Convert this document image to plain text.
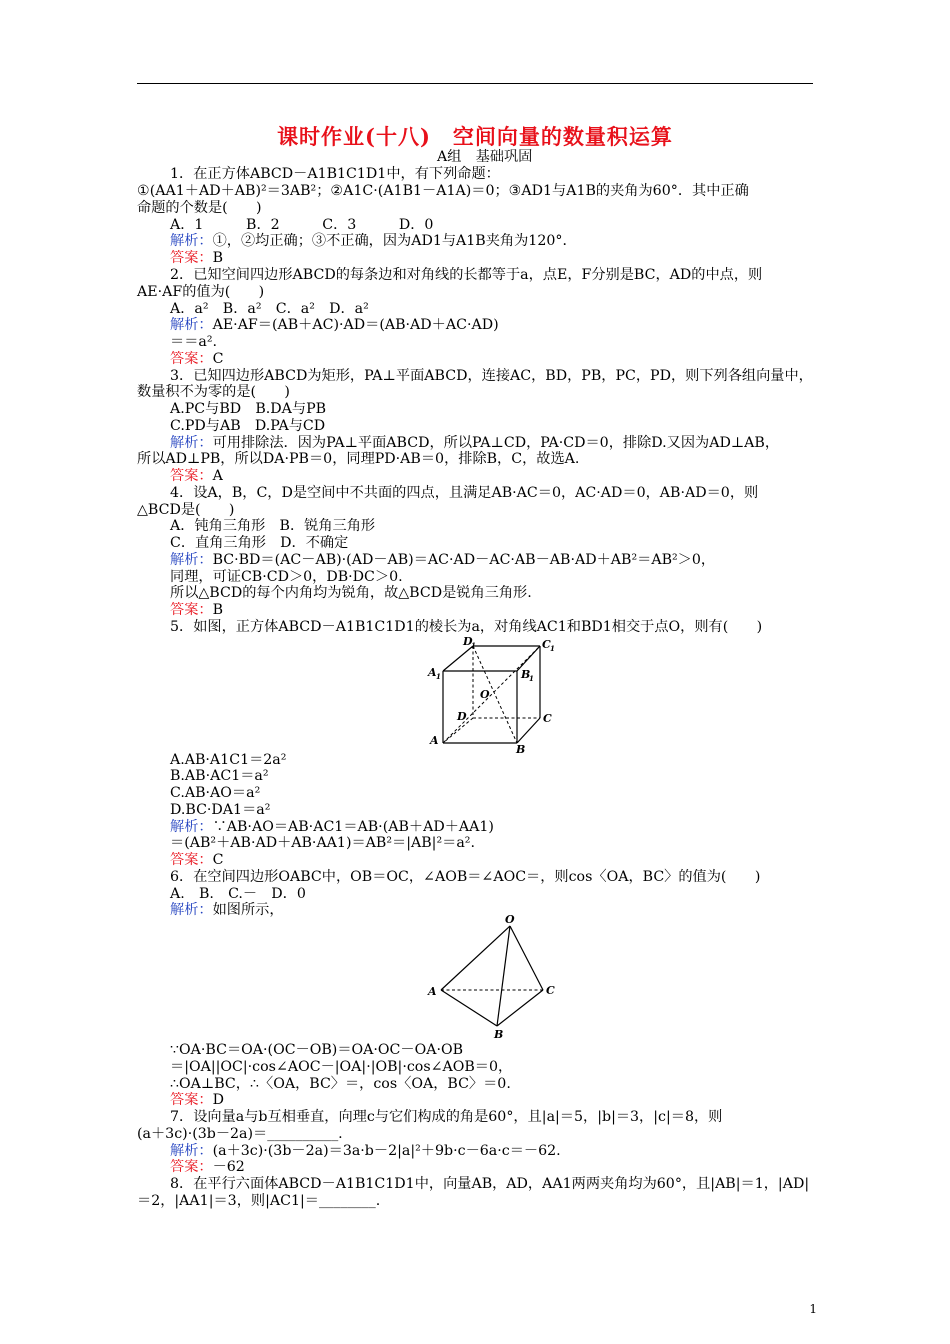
课时作业(十八)　空间向量的数量积运算
A组　基础巩固
1．在正方体ABCD－A1B1C1D1中，有下列命题：
①(AA1＋AD＋AB)²＝3AB²；②A1C·(A1B1－A1A)＝0；③AD1与A1B的夹角为60°．其中正确
命题的个数是(　　)
A．1　　　B．2　　　C．3　　　D．0
解析：①，②均正确；③不正确，因为AD1与A1B夹角为120°．
答案：B
2．已知空间四边形ABCD的每条边和对角线的长都等于a，点E，F分别是BC，AD的中点，则
AE·AF的值为(　　)
A．a²　B．a²　C．a²　D．a²
解析：AE·AF＝(AB＋AC)·AD＝(AB·AD＋AC·AD)
＝＝a².
答案：C
3．已知四边形ABCD为矩形，PA⊥平面ABCD，连接AC，BD，PB，PC，PD，则下列各组向量中，
数量积不为零的是(　　)
A.PC与BD　B.DA与PB
C.PD与AB　D.PA与CD
解析：可用排除法．因为PA⊥平面ABCD，所以PA⊥CD，PA·CD＝0，排除D.又因为AD⊥AB，
所以AD⊥PB，所以DA·PB＝0，同理PD·AB＝0，排除B，C，故选A.
答案：A
4．设A，B，C，D是空间中不共面的四点，且满足AB·AC＝0，AC·AD＝0，AB·AD＝0，则
△BCD是(　　)
A．钝角三角形　B．锐角三角形
C．直角三角形　D．不确定
解析：BC·BD＝(AC－AB)·(AD－AB)＝AC·AD－AC·AB－AB·AD＋AB²＝AB²＞0，
同理，可证CB·CD＞0，DB·DC＞0.
所以△BCD的每个内角均为锐角，故△BCD是锐角三角形.
答案：B
5．如图，正方体ABCD－A1B1C1D1的棱长为a，对角线AC1和BD1相交于点O，则有(　　)
A.AB·A1C1＝2a²
B.AB·AC1＝a²
C.AB·AO＝a²
D.BC·DA1＝a²
解析：∵AB·AO＝AB·AC1＝AB·(AB＋AD＋AA1)
＝(AB²＋AB·AD＋AB·AA1)＝AB²＝|AB|²＝a².
答案：C
6．在空间四边形OABC中，OB＝OC，∠AOB＝∠AOC＝，则cos〈OA，BC〉的值为(　　)
A.　B.　C.－　D．0
解析：如图所示，
∵OA·BC＝OA·(OC－OB)＝OA·OC－OA·OB
＝|OA||OC|·cos∠AOC－|OA|·|OB|·cos∠AOB＝0，
∴OA⊥BC，∴〈OA，BC〉＝，cos〈OA，BC〉＝0.
答案：D
7．设向量a与b互相垂直，向理c与它们构成的角是60°，且|a|＝5，|b|＝3，|c|＝8，则
(a＋3c)·(3b－2a)＝__________.
解析：(a＋3c)·(3b－2a)＝3a·b－2|a|²＋9b·c－6a·c＝－62.
答案：－62
8．在平行六面体ABCD－A1B1C1D1中，向量AB，AD，AA1两两夹角均为60°，且|AB|＝1，|AD|
＝2，|AA1|＝3，则|AC1|＝________.
A 1
D
1	C 1
B
1
O
D	C
A
B
O
A	C
B
1
